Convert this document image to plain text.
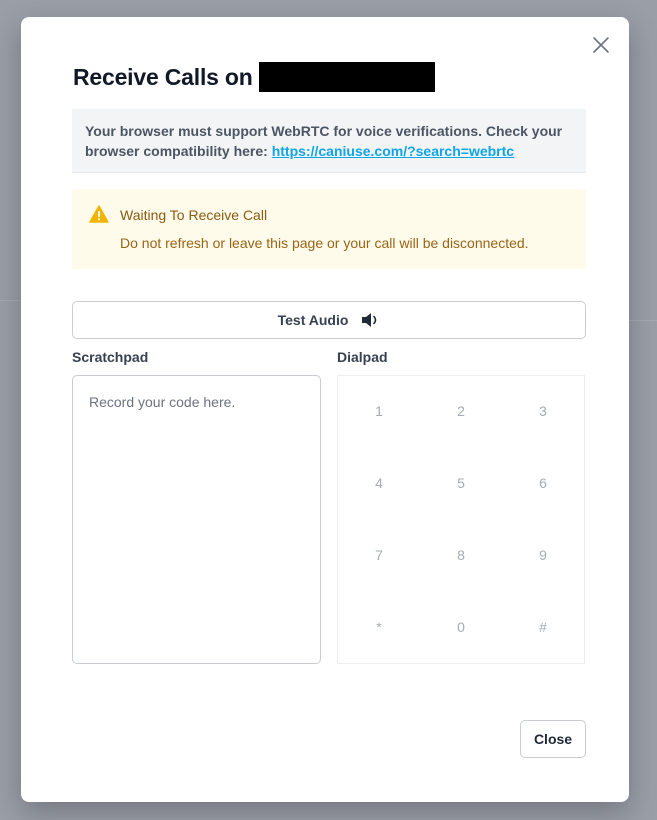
Receive Calls on
Your browser must support WebRTC for voice verifications. Check your browser compatibility here: https://caniuse.com/?search=webrtc
Waiting To Receive Call
Do not refresh or leave this page or your call will be disconnected.
Test Audio
Scratchpad	Dialpad
Record your code here.
1	2	3
4	5	6
7	8	9
*	0	#
Close
